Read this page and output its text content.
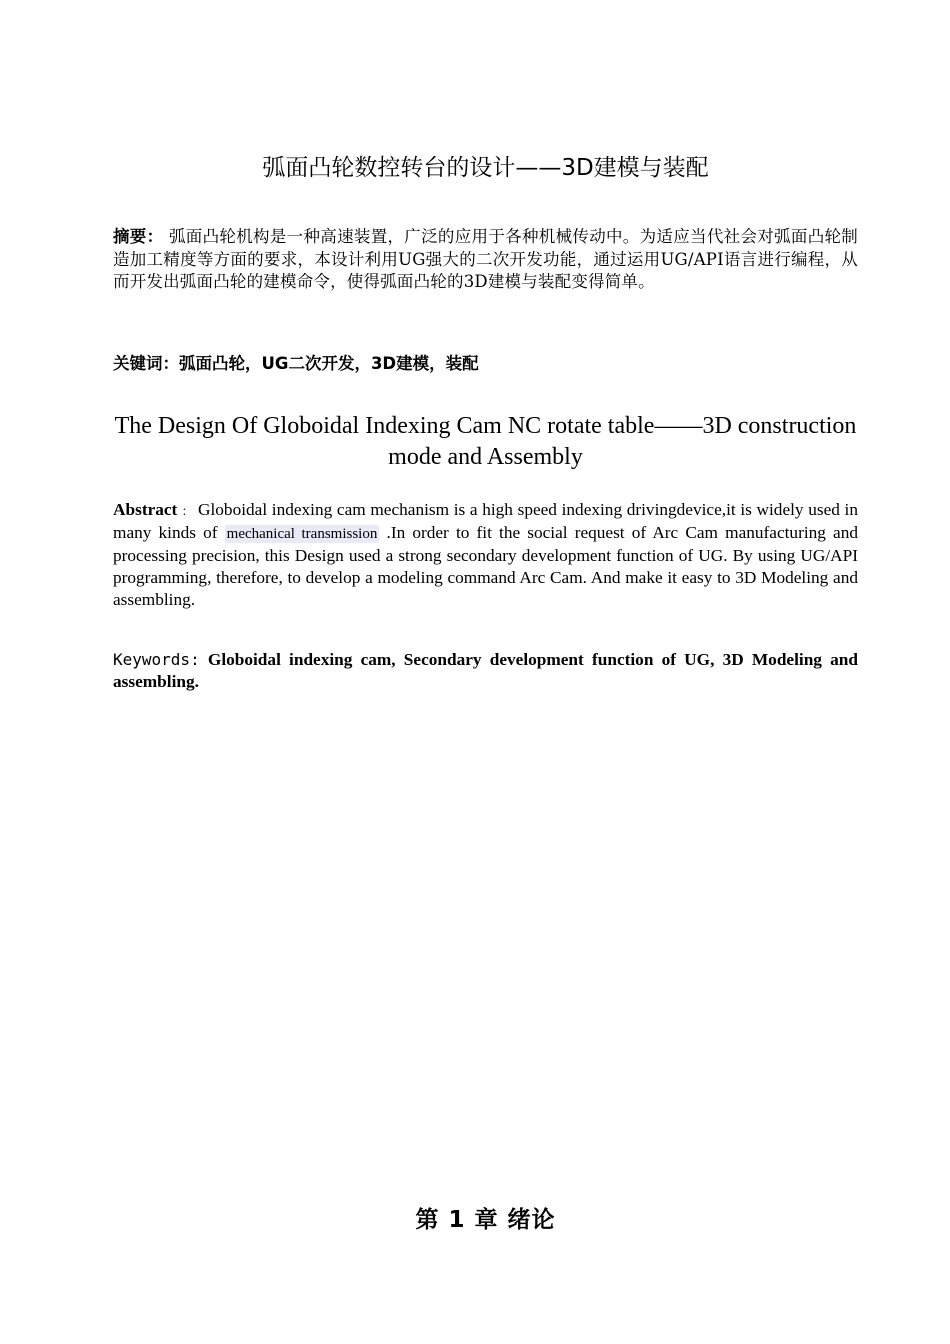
弧面凸轮数控转台的设计——3D建模与装配
摘要： 弧面凸轮机构是一种高速装置，广泛的应用于各种机械传动中。为适应当代社会对弧面凸轮制造加工精度等方面的要求，本设计利用UG强大的二次开发功能，通过运用UG/API语言进行编程，从而开发出弧面凸轮的建模命令，使得弧面凸轮的3D建模与装配变得简单。
关键词：弧面凸轮，UG二次开发，3D建模，装配
The Design Of Globoidal Indexing Cam NC rotate table——3D construction mode and Assembly
Abstract ： Globoidal indexing cam mechanism is a high speed indexing drivingdevice,it is widely used in many kinds of mechanical transmission .In order to fit the social request of Arc Cam manufacturing and processing precision, this Design used a strong secondary development function of UG. By using UG/API programming, therefore, to develop a modeling command Arc Cam. And make it easy to 3D Modeling and assembling.
Keywords: Globoidal indexing cam, Secondary development function of UG, 3D Modeling and assembling.
第 1 章 绪论
